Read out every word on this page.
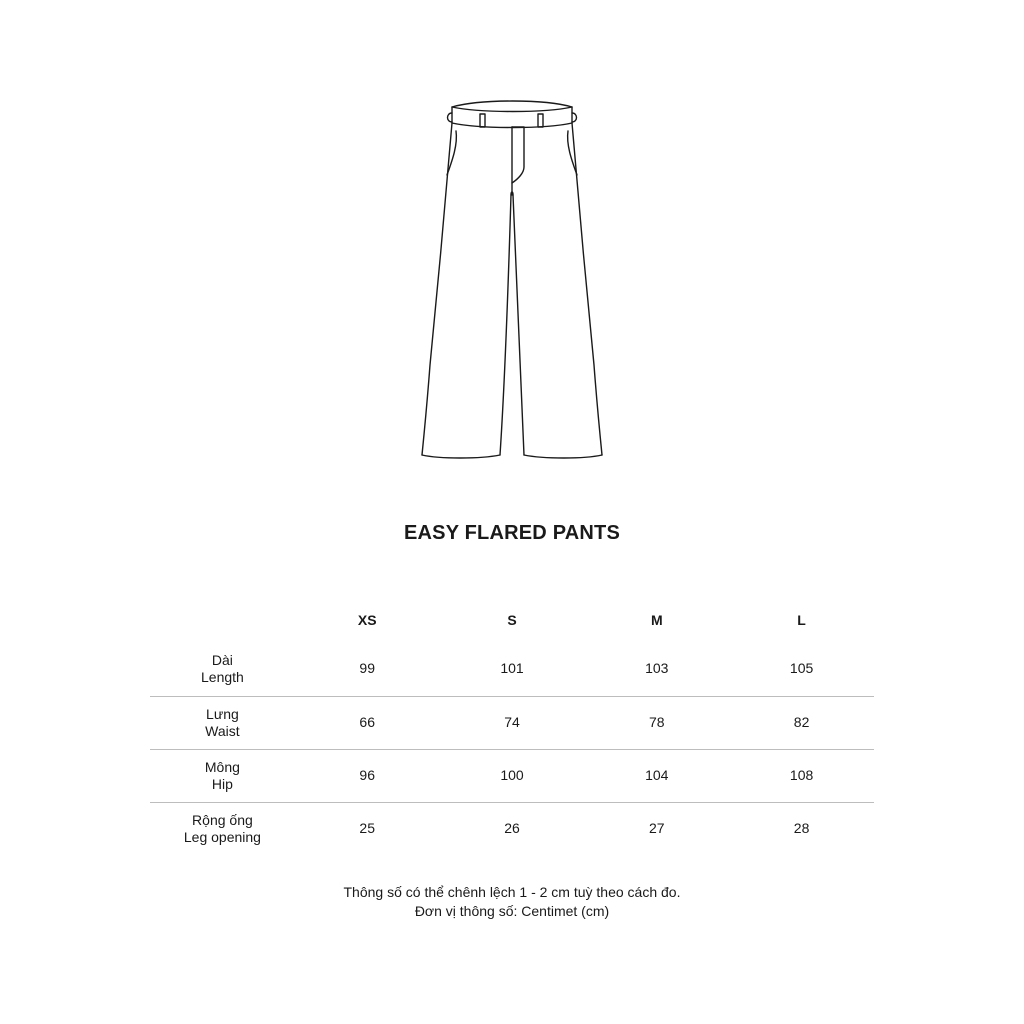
EASY FLARED PANTS
	XS	S	M	L

Dài
Length	99	101	103	105

Lưng
Waist	66	74	78	82

Mông
Hip	96	100	104	108

Rộng ống
Leg opening	25	26	27	28
Thông số có thể chênh lệch 1 - 2 cm tuỳ theo cách đo.
Đơn vị thông số: Centimet (cm)
